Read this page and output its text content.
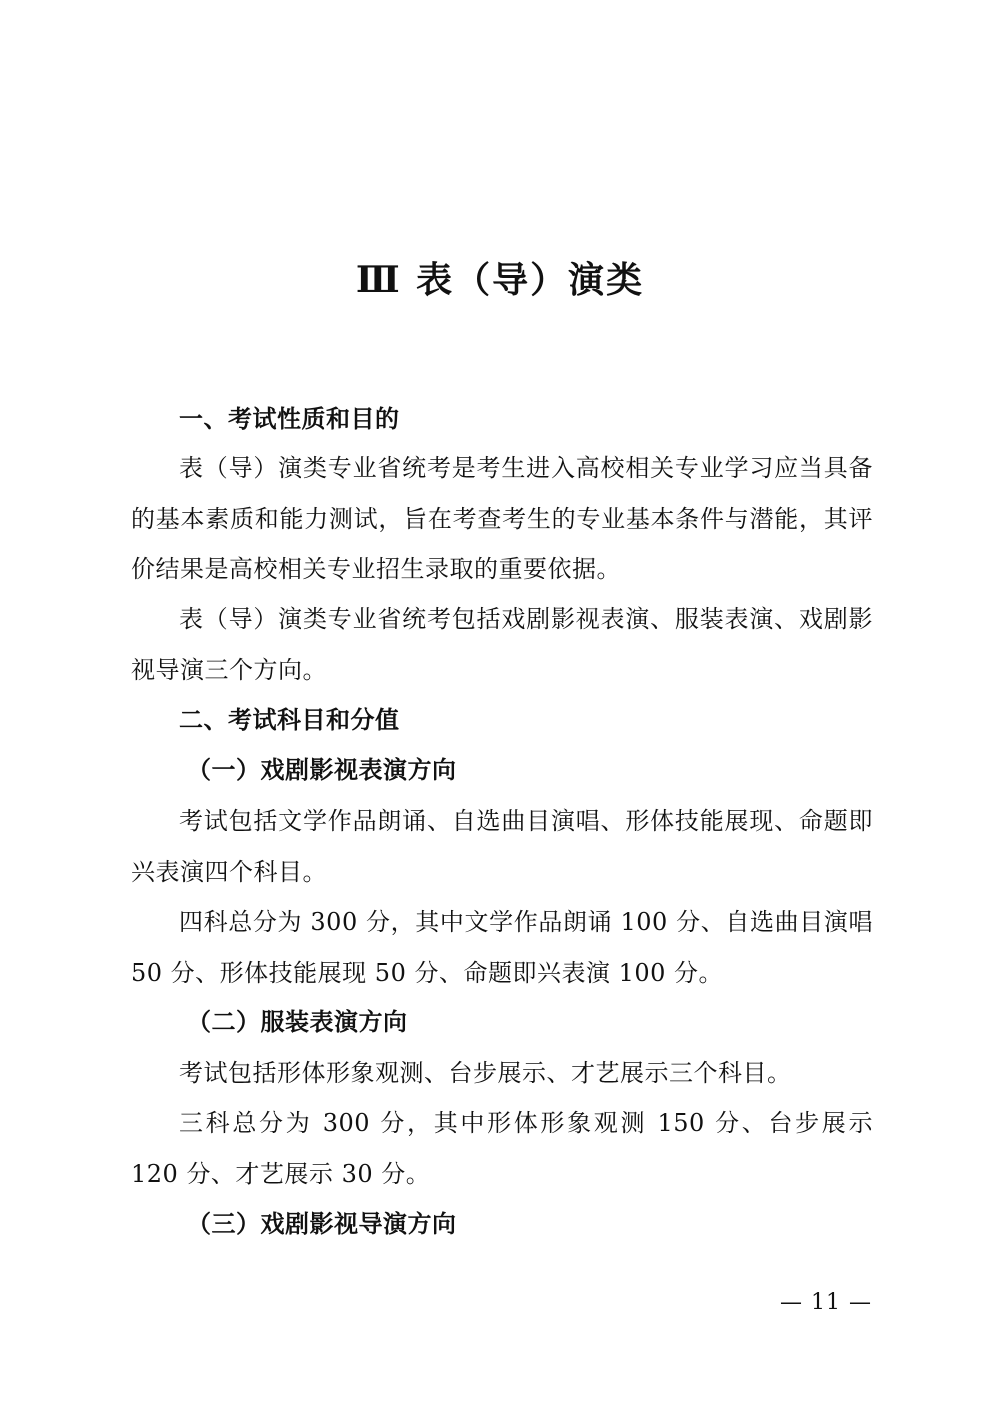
Ⅲ 表（导）演类
一、考试性质和目的

表（导）演类专业省统考是考生进入高校相关专业学习应当具备的基本素质和能力测试，旨在考查考生的专业基本条件与潜能，其评价结果是高校相关专业招生录取的重要依据。

表（导）演类专业省统考包括戏剧影视表演、服装表演、戏剧影视导演三个方向。

二、考试科目和分值
（一）戏剧影视表演方向

考试包括文学作品朗诵、自选曲目演唱、形体技能展现、命题即兴表演四个科目。

四科总分为 300 分，其中文学作品朗诵 100 分、自选曲目演唱 50 分、形体技能展现 50 分、命题即兴表演 100 分。

（二）服装表演方向

考试包括形体形象观测、台步展示、才艺展示三个科目。

三科总分为 300 分，其中形体形象观测 150 分、台步展示 120 分、才艺展示 30 分。

（三）戏剧影视导演方向
— 11 —
